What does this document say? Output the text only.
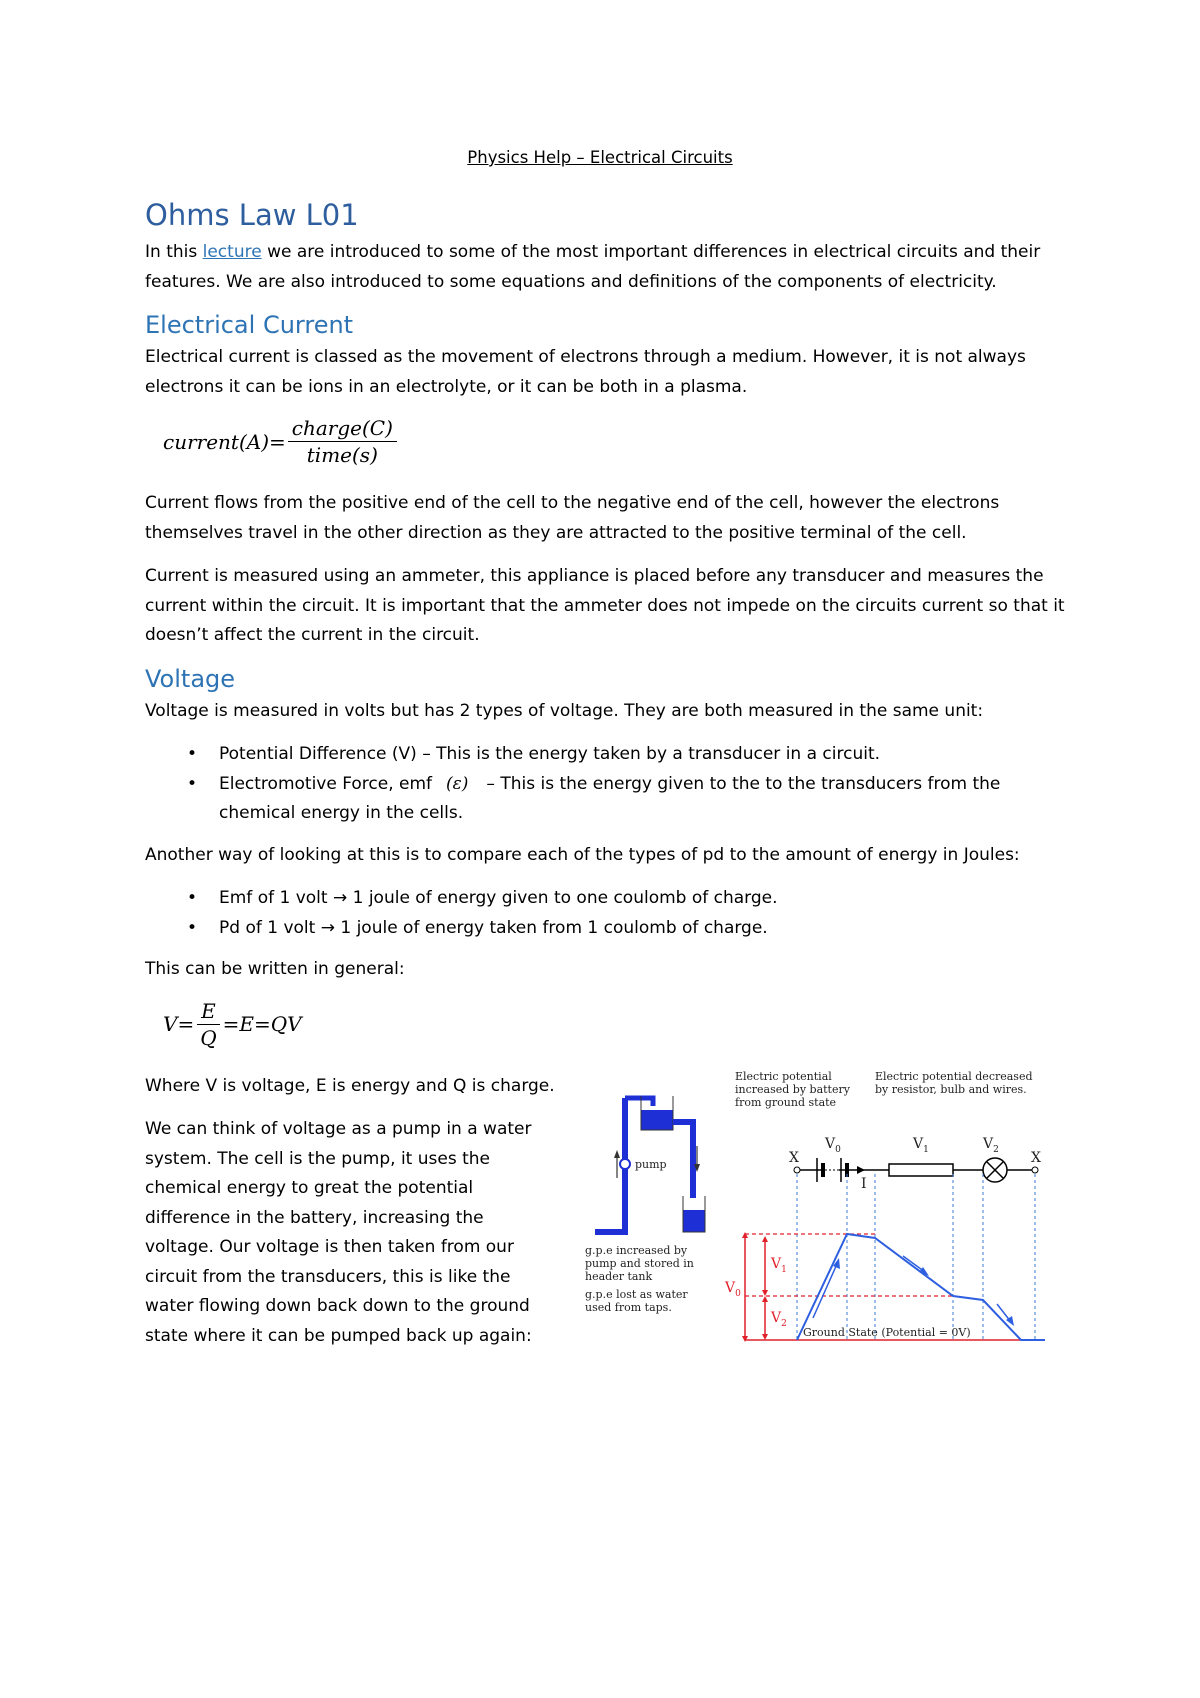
Physics Help – Electrical Circuits
Ohms Law L01

In this lecture we are introduced to some of the most important differences in electrical circuits and their features. We are also introduced to some equations and definitions of the components of electricity.

Electrical Current

Electrical current is classed as the movement of electrons through a medium. However, it is not always electrons it can be ions in an electrolyte, or it can be both in a plasma.

current(A)= $\frac{\text{charge(C)}}{\text{time(s)}}$

Current flows from the positive end of the cell to the negative end of the cell, however the electrons themselves travel in the other direction as they are attracted to the positive terminal of the cell.

Current is measured using an ammeter, this appliance is placed before any transducer and measures the current within the circuit. It is important that the ammeter does not impede on the circuits current so that it doesn’t affect the current in the circuit.

Voltage

Voltage is measured in volts but has 2 types of voltage. They are both measured in the same unit:

• Potential Difference (V) – This is the energy taken by a transducer in a circuit.
• Electromotive Force, emf (ε) – This is the energy given to the to the transducers from the chemical energy in the cells.

Another way of looking at this is to compare each of the types of pd to the amount of energy in Joules:

• Emf of 1 volt → 1 joule of energy given to one coulomb of charge.
• Pd of 1 volt → 1 joule of energy taken from 1 coulomb of charge.

This can be written in general:

$V= \frac{E}{Q} =E=QV$

Where V is voltage, E is energy and Q is charge.

We can think of voltage as a pump in a water system. The cell is the pump, it uses the chemical energy to great the potential difference in the battery, increasing the voltage. Our voltage is then taken from our circuit from the transducers, this is like the water flowing down back down to the ground state where it can be pumped back up again:

pump
g.p.e increased by
pump and stored in
header tank
g.p.e lost as water
used from taps.
Electric potential
increased by battery
from ground state
Electric potential decreased
by resistor, bulb and wires.
I
X	X
$V_0$	$V_1$	$V_2$
$V_0$
$V_1$
$V_2$
Ground State (Potential = 0V)
